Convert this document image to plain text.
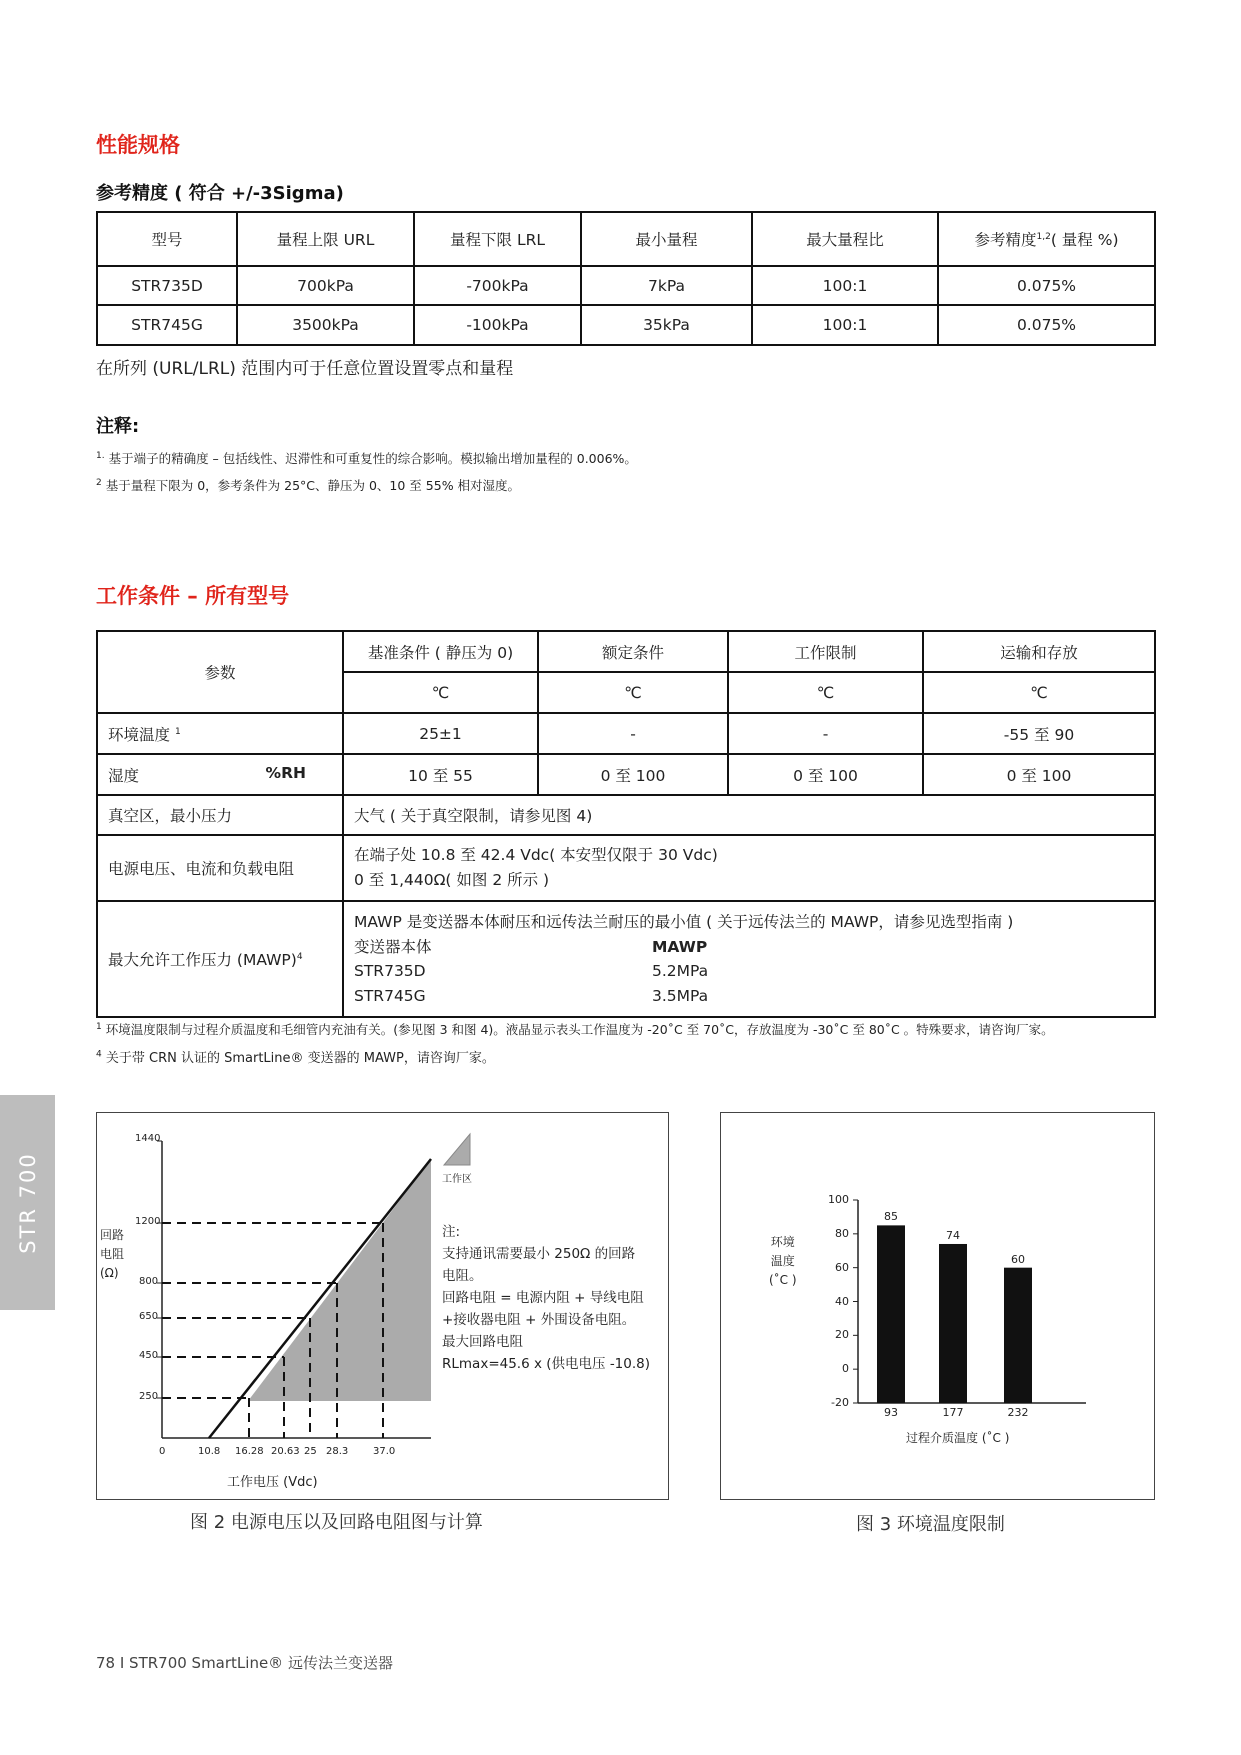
性能规格
参考精度 ( 符合 +/-3Sigma)
型号	量程上限 URL	量程下限 LRL	最小量程	最大量程比	参考精度$^{1,2}$( 量程 %)
STR735D	700kPa	-700kPa	7kPa	100:1	0.075%
STR745G	3500kPa	-100kPa	35kPa	100:1	0.075%
在所列 (URL/LRL) 范围内可于任意位置设置零点和量程
注释:
$^{1.}$ 基于端子的精确度 – 包括线性、迟滞性和可重复性的综合影响。模拟输出增加量程的 0.006%。
$^2$ 基于量程下限为 0，参考条件为 25°C、静压为 0、10 至 55% 相对湿度。
工作条件 – 所有型号
参数	基准条件 ( 静压为 0)	额定条件	工作限制	运输和存放
	℃	℃	℃	℃
环境温度 $^1$	25±1	-	-	-55 至 90
湿度 %RH	10 至 55	0 至 100	0 至 100	0 至 100
真空区，最小压力	大气 ( 关于真空限制，请参见图 4)			
电源电压、电流和负载电阻	在端子处 10.8 至 42.4 Vdc( 本安型仅限于 30 Vdc)
0 至 1,440Ω( 如图 2 所示 )			

最大允许工作压力 (MAWP)$^4$	MAWP 是变送器本体耐压和远传法兰耐压的最小值 ( 关于远传法兰的 MAWP，请参见选型指南 )
变送器本体 MAWP
STR735D 5.2MPa
STR745G 3.5MPa			
$^1$ 环境温度限制与过程介质温度和毛细管内充油有关。(参见图 3 和图 4)。液晶显示表头工作温度为 -20˚C 至 70˚C，存放温度为 -30˚C 至 80˚C 。特殊要求，请咨询厂家。
$^4$ 关于带 CRN 认证的 SmartLine® 变送器的 MAWP，请咨询厂家。
STR 700
1440
1200
800
650
450
250
0	10.8 16.28 20.63 25 28.3 37.0
回路
电阻
(Ω)
工作电压 (Vdc)
工作区
注:
支持通讯需要最小 250Ω 的回路
电阻。
回路电阻 = 电源内阻 + 导线电阻
+接收器电阻 + 外围设备电阻。
最大回路电阻
RLmax=45.6 x (供电电压 -10.8)
图 2 电源电压以及回路电阻图与计算
100
80
60
40
20
0
-20
93	177	232
85
74
60
环境
温度
(˚C )
过程介质温度 (˚C )
图 3 环境温度限制
78 I STR700 SmartLine® 远传法兰变送器
